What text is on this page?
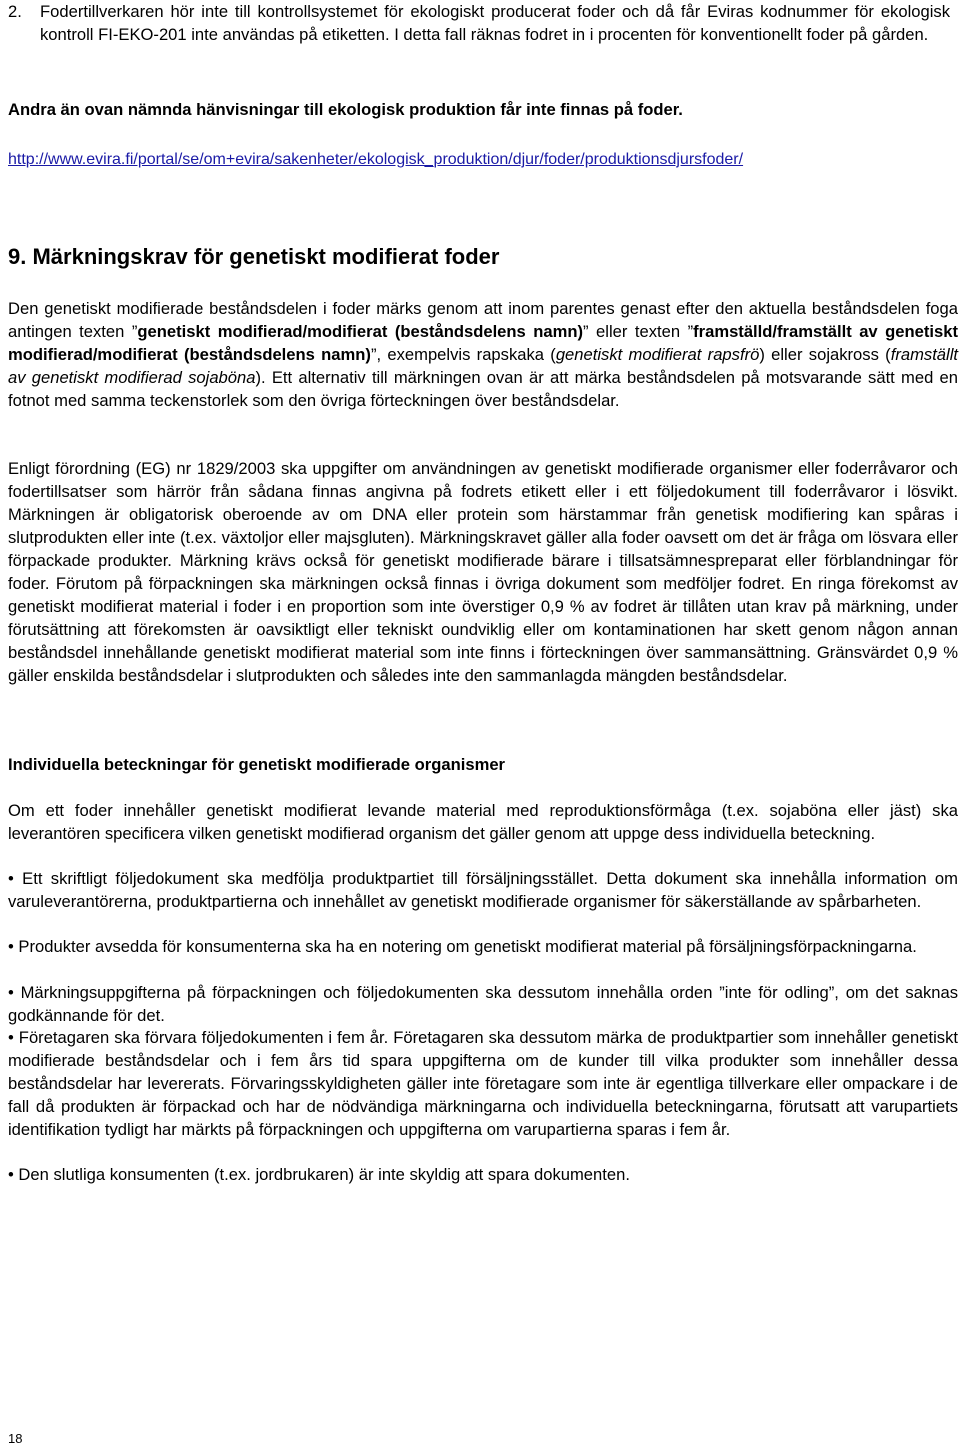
2. Fodertillverkaren hör inte till kontrollsystemet för ekologiskt producerat foder och då får Eviras kodnummer för ekologisk kontroll FI-EKO-201 inte användas på etiketten. I detta fall räknas fodret in i procenten för konventionellt foder på gården.

Andra än ovan nämnda hänvisningar till ekologisk produktion får inte finnas på foder.

http://www.evira.fi/portal/se/om+evira/sakenheter/ekologisk_produktion/djur/foder/produktionsdjursfoder/

9. Märkningskrav för genetiskt modifierat foder

Den genetiskt modifierade beståndsdelen i foder märks genom att inom parentes genast efter den aktuella beståndsdelen foga antingen texten ”genetiskt modifierad/modifierat (beståndsdelens namn)” eller texten ”framställd/framställt av genetiskt modifierad/modifierat (beståndsdelens namn)”, exempelvis rapskaka (genetiskt modifierat rapsfrö) eller sojakross (framställt av genetiskt modifierad sojaböna). Ett alternativ till märkningen ovan är att märka beståndsdelen på motsvarande sätt med en fotnot med samma teckenstorlek som den övriga förteckningen över beståndsdelar.

Enligt förordning (EG) nr 1829/2003 ska uppgifter om användningen av genetiskt modifierade organismer eller foderråvaror och fodertillsatser som härrör från sådana finnas angivna på fodrets etikett eller i ett följedokument till foderråvaror i lösvikt. Märkningen är obligatorisk oberoende av om DNA eller protein som härstammar från genetisk modifiering kan spåras i slutprodukten eller inte (t.ex. växtoljor eller majsgluten). Märkningskravet gäller alla foder oavsett om det är fråga om lösvara eller förpackade produkter. Märkning krävs också för genetiskt modifierade bärare i tillsatsämnespreparat eller förblandningar för foder. Förutom på förpackningen ska märkningen också finnas i övriga dokument som medföljer fodret. En ringa förekomst av genetiskt modifierat material i foder i en proportion som inte överstiger 0,9 % av fodret är tillåten utan krav på märkning, under förutsättning att förekomsten är oavsiktligt eller tekniskt oundviklig eller om kontaminationen har skett genom någon annan beståndsdel innehållande genetiskt modifierat material som inte finns i förteckningen över sammansättning. Gränsvärdet 0,9 % gäller enskilda beståndsdelar i slutprodukten och således inte den sammanlagda mängden beståndsdelar.

Individuella beteckningar för genetiskt modifierade organismer

Om ett foder innehåller genetiskt modifierat levande material med reproduktionsförmåga (t.ex. sojaböna eller jäst) ska leverantören specificera vilken genetiskt modifierad organism det gäller genom att uppge dess individuella beteckning.

• Ett skriftligt följedokument ska medfölja produktpartiet till försäljningsstället. Detta dokument ska innehålla information om varuleverantörerna, produktpartierna och innehållet av genetiskt modifierade organismer för säkerställande av spårbarheten.

• Produkter avsedda för konsumenterna ska ha en notering om genetiskt modifierat material på försäljningsförpackningarna.

• Märkningsuppgifterna på förpackningen och följedokumenten ska dessutom innehålla orden ”inte för odling”, om det saknas godkännande för det.

• Företagaren ska förvara följedokumenten i fem år. Företagaren ska dessutom märka de produktpartier som innehåller genetiskt modifierade beståndsdelar och i fem års tid spara uppgifterna om de kunder till vilka produkter som innehåller dessa beståndsdelar har levererats. Förvaringsskyldigheten gäller inte företagare som inte är egentliga tillverkare eller ompackare i de fall då produkten är förpackad och har de nödvändiga märkningarna och individuella beteckningarna, förutsatt att varupartiets identifikation tydligt har märkts på förpackningen och uppgifterna om varupartierna sparas i fem år.

• Den slutliga konsumenten (t.ex. jordbrukaren) är inte skyldig att spara dokumenten.

18
